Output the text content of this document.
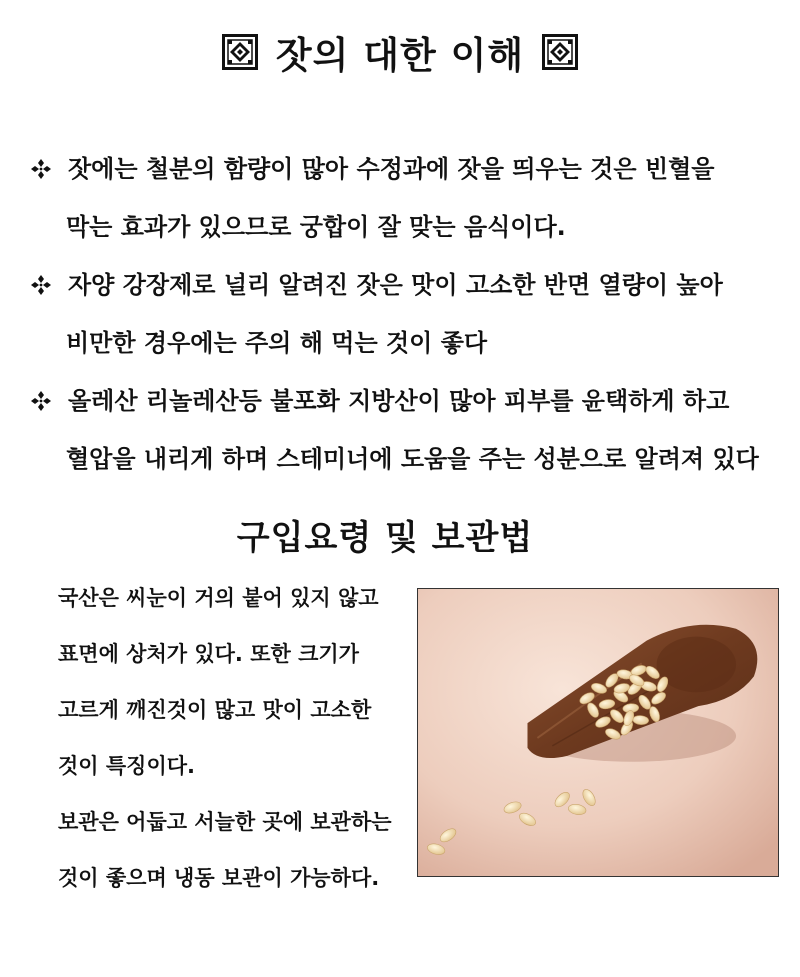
잣의 대한 이해
잣에는 철분의 함량이 많아 수정과에 잣을 띄우는 것은 빈혈을
막는 효과가 있으므로 궁합이 잘 맞는 음식이다.
자양 강장제로 널리 알려진 잣은 맛이 고소한 반면 열량이 높아
비만한 경우에는 주의 해 먹는 것이 좋다
올레산 리놀레산등 불포화 지방산이 많아 피부를 윤택하게 하고
혈압을 내리게 하며 스테미너에 도움을 주는 성분으로 알려져 있다
구입요령 및 보관법
국산은 씨눈이 거의 붙어 있지 않고
표면에 상처가 있다. 또한 크기가
고르게 깨진것이 많고 맛이 고소한
것이 특징이다.
보관은 어둡고 서늘한 곳에 보관하는
것이 좋으며 냉동 보관이 가능하다.
